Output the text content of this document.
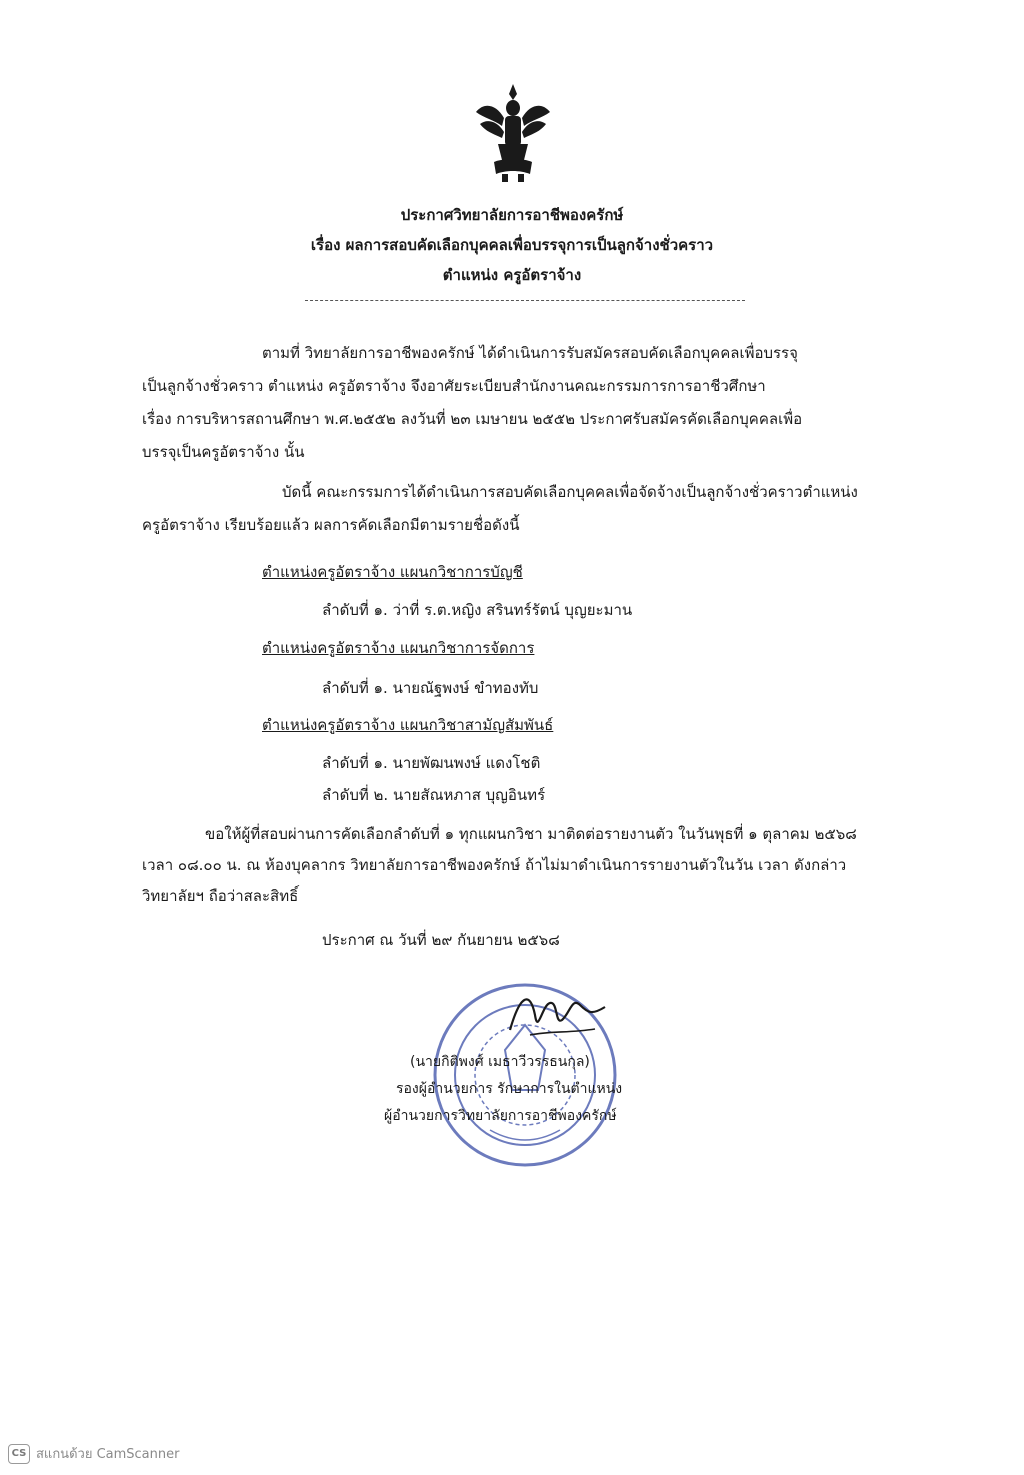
ประกาศวิทยาลัยการอาชีพองครักษ์
เรื่อง ผลการสอบคัดเลือกบุคคลเพื่อบรรจุการเป็นลูกจ้างชั่วคราว
ตำแหน่ง ครูอัตราจ้าง
ตามที่ วิทยาลัยการอาชีพองครักษ์ ได้ดำเนินการรับสมัครสอบคัดเลือกบุคคลเพื่อบรรจุ
เป็นลูกจ้างชั่วคราว ตำแหน่ง ครูอัตราจ้าง จึงอาศัยระเบียบสำนักงานคณะกรรมการการอาชีวศึกษา
เรื่อง การบริหารสถานศึกษา พ.ศ.๒๕๕๒ ลงวันที่ ๒๓ เมษายน ๒๕๕๒ ประกาศรับสมัครคัดเลือกบุคคลเพื่อ
บรรจุเป็นครูอัตราจ้าง นั้น
บัดนี้ คณะกรรมการได้ดำเนินการสอบคัดเลือกบุคคลเพื่อจัดจ้างเป็นลูกจ้างชั่วคราวตำแหน่ง
ครูอัตราจ้าง เรียบร้อยแล้ว ผลการคัดเลือกมีตามรายชื่อดังนี้
ตำแหน่งครูอัตราจ้าง แผนกวิชาการบัญชี
ลำดับที่ ๑. ว่าที่ ร.ต.หญิง สรินทร์รัตน์ บุญยะมาน
ตำแหน่งครูอัตราจ้าง แผนกวิชาการจัดการ
ลำดับที่ ๑. นายณัฐพงษ์ ขำทองทับ
ตำแหน่งครูอัตราจ้าง แผนกวิชาสามัญสัมพันธ์
ลำดับที่ ๑. นายพัฒนพงษ์ แดงโชติ
ลำดับที่ ๒. นายสัณหภาส บุญอินทร์
ขอให้ผู้ที่สอบผ่านการคัดเลือกลำดับที่ ๑ ทุกแผนกวิชา มาติดต่อรายงานตัว ในวันพุธที่ ๑ ตุลาคม ๒๕๖๘
เวลา ๐๘.๐๐ น. ณ ห้องบุคลากร วิทยาลัยการอาชีพองครักษ์ ถ้าไม่มาดำเนินการรายงานตัวในวัน เวลา ดังกล่าว
วิทยาลัยฯ ถือว่าสละสิทธิ์
ประกาศ ณ วันที่ ๒๙ กันยายน ๒๕๖๘
(นายกิติพงศ์ เมธาวีวรรธนกุล)
รองผู้อำนวยการ รักษาการในตำแหน่ง
ผู้อำนวยการวิทยาลัยการอาชีพองครักษ์
CS สแกนด้วย CamScanner
